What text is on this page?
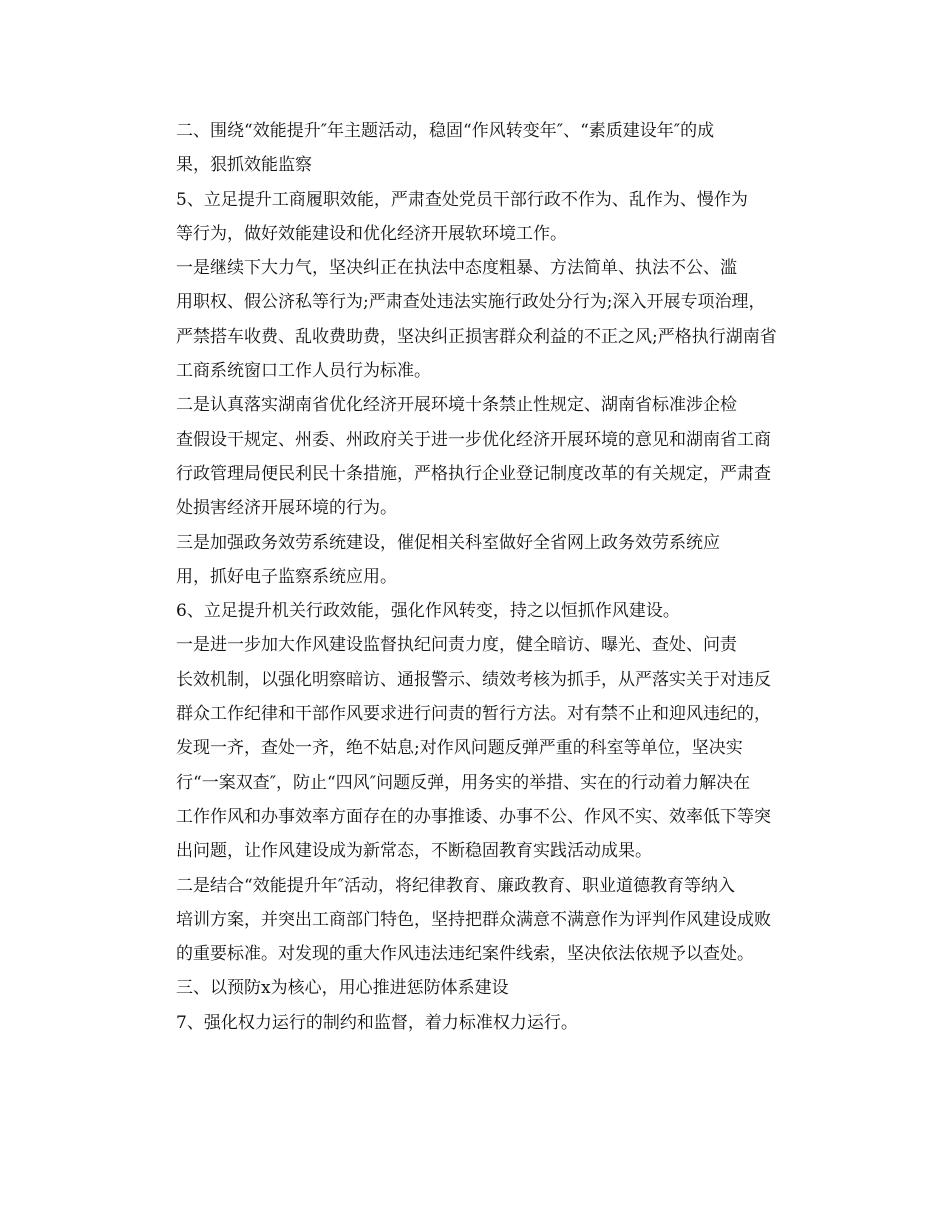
二、围绕“效能提升″年主题活动，稳固“作风转变年″、“素质建设年″的成
果，狠抓效能监察

5、立足提升工商履职效能，严肃查处党员干部行政不作为、乱作为、慢作为
等行为，做好效能建设和优化经济开展软环境工作。

一是继续下大力气，坚决纠正在执法中态度粗暴、方法简单、执法不公、滥
用职权、假公济私等行为;严肃查处违法实施行政处分行为;深入开展专项治理，
严禁搭车收费、乱收费助费，坚决纠正损害群众利益的不正之风;严格执行湖南省
工商系统窗口工作人员行为标准。

二是认真落实湖南省优化经济开展环境十条禁止性规定、湖南省标准涉企检
查假设干规定、州委、州政府关于进一步优化经济开展环境的意见和湖南省工商
行政管理局便民利民十条措施，严格执行企业登记制度改革的有关规定，严肃查
处损害经济开展环境的行为。

三是加强政务效劳系统建设，催促相关科室做好全省网上政务效劳系统应
用，抓好电子监察系统应用。

6、立足提升机关行政效能，强化作风转变，持之以恒抓作风建设。

一是进一步加大作风建设监督执纪问责力度，健全暗访、曝光、查处、问责
长效机制，以强化明察暗访、通报警示、绩效考核为抓手，从严落实关于对违反
群众工作纪律和干部作风要求进行问责的暂行方法。对有禁不止和迎风违纪的，
发现一齐，查处一齐，绝不姑息;对作风问题反弹严重的科室等单位，坚决实
行“一案双查″，防止“四风″问题反弹，用务实的举措、实在的行动着力解决在
工作作风和办事效率方面存在的办事推诿、办事不公、作风不实、效率低下等突
出问题，让作风建设成为新常态，不断稳固教育实践活动成果。

二是结合“效能提升年″活动，将纪律教育、廉政教育、职业道德教育等纳入
培训方案，并突出工商部门特色，坚持把群众满意不满意作为评判作风建设成败
的重要标准。对发现的重大作风违法违纪案件线索，坚决依法依规予以查处。

三、以预防x为核心，用心推进惩防体系建设

7、强化权力运行的制约和监督，着力标准权力运行。
